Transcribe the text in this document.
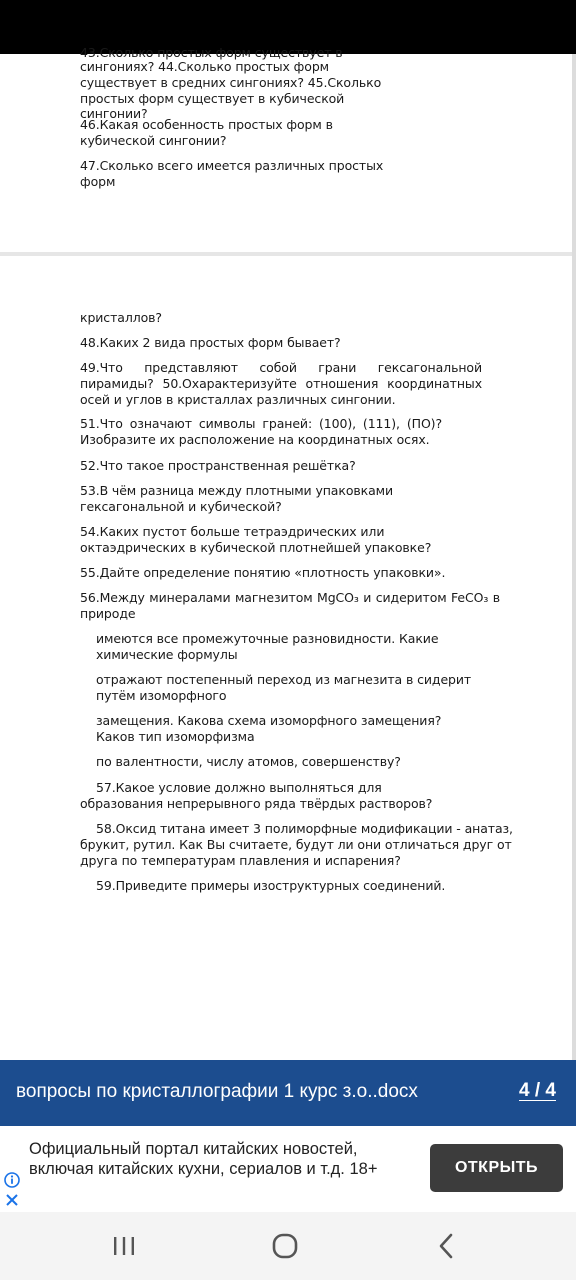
43.Сколько простых форм существует в
сингониях? 44.Сколько простых форм существует в средних сингониях? 45.Сколько простых форм существует в кубической сингонии?
46.Какая особенность простых форм в кубической сингонии?
47.Сколько всего имеется различных простых форм
кристаллов?
48.Каких 2 вида простых форм бывает?
49.Что представляют собой грани гексагональной пирамиды? 50.Охарактеризуйте отношения координатных осей и углов в кристаллах различных сингонии.
51.Что означают символы граней: (100), (111), (ПО)? Изобразите их расположение на координатных осях.
52.Что такое пространственная решётка?
53.В чём разница между плотными упаковками гексагональной и кубической?
54.Каких пустот больше тетраэдрических или октаэдрических в кубической плотнейшей упаковке?
55.Дайте определение понятию «плотность упаковки».
56.Между минералами магнезитом MgCO₃ и сидеритом FeCO₃ в природе
имеются все промежуточные разновидности. Какие химические формулы
отражают постепенный переход из магнезита в сидерит путём изоморфного
замещения. Какова схема изоморфного замещения? Каков тип изоморфизма
по валентности, числу атомов, совершенству?
57.Какое условие должно выполняться для образования непрерывного ряда твёрдых растворов?
58.Оксид титана имеет 3 полиморфные модификации - анатаз, брукит, рутил. Как Вы считаете, будут ли они отличаться друг от друга по температурам плавления и испарения?
59.Приведите примеры изоструктурных соединений.
вопросы по кристаллографии 1 курс з.о..docx	4 / 4
Официальный портал китайских новостей, включая китайских кухни, сериалов и т.д. 18+	ОТКРЫТЬ
